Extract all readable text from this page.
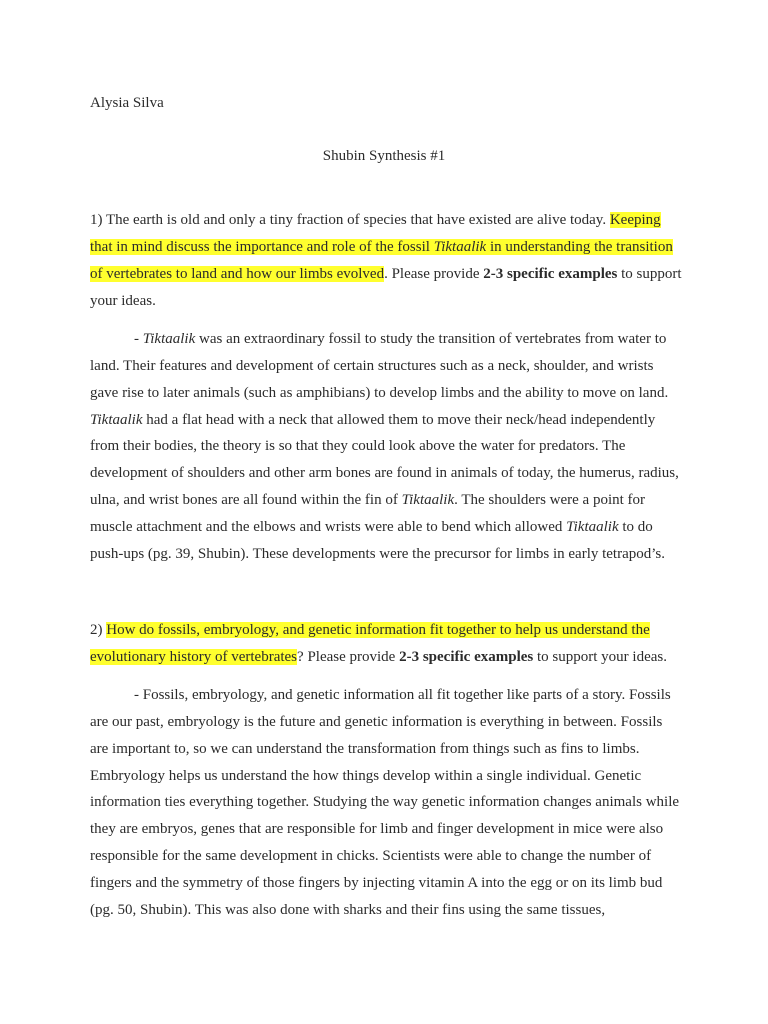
Alysia Silva
Shubin Synthesis #1
1) The earth is old and only a tiny fraction of species that have existed are alive today. Keeping that in mind discuss the importance and role of the fossil Tiktaalik in understanding the transition of vertebrates to land and how our limbs evolved. Please provide 2-3 specific examples to support your ideas.
- Tiktaalik was an extraordinary fossil to study the transition of vertebrates from water to land. Their features and development of certain structures such as a neck, shoulder, and wrists gave rise to later animals (such as amphibians) to develop limbs and the ability to move on land. Tiktaalik had a flat head with a neck that allowed them to move their neck/head independently from their bodies, the theory is so that they could look above the water for predators. The development of shoulders and other arm bones are found in animals of today, the humerus, radius, ulna, and wrist bones are all found within the fin of Tiktaalik. The shoulders were a point for muscle attachment and the elbows and wrists were able to bend which allowed Tiktaalik to do push-ups (pg. 39, Shubin). These developments were the precursor for limbs in early tetrapod’s.
2) How do fossils, embryology, and genetic information fit together to help us understand the evolutionary history of vertebrates? Please provide 2-3 specific examples to support your ideas.
- Fossils, embryology, and genetic information all fit together like parts of a story. Fossils are our past, embryology is the future and genetic information is everything in between. Fossils are important to, so we can understand the transformation from things such as fins to limbs. Embryology helps us understand the how things develop within a single individual. Genetic information ties everything together. Studying the way genetic information changes animals while they are embryos, genes that are responsible for limb and finger development in mice were also responsible for the same development in chicks. Scientists were able to change the number of fingers and the symmetry of those fingers by injecting vitamin A into the egg or on its limb bud (pg. 50, Shubin). This was also done with sharks and their fins using the same tissues,
